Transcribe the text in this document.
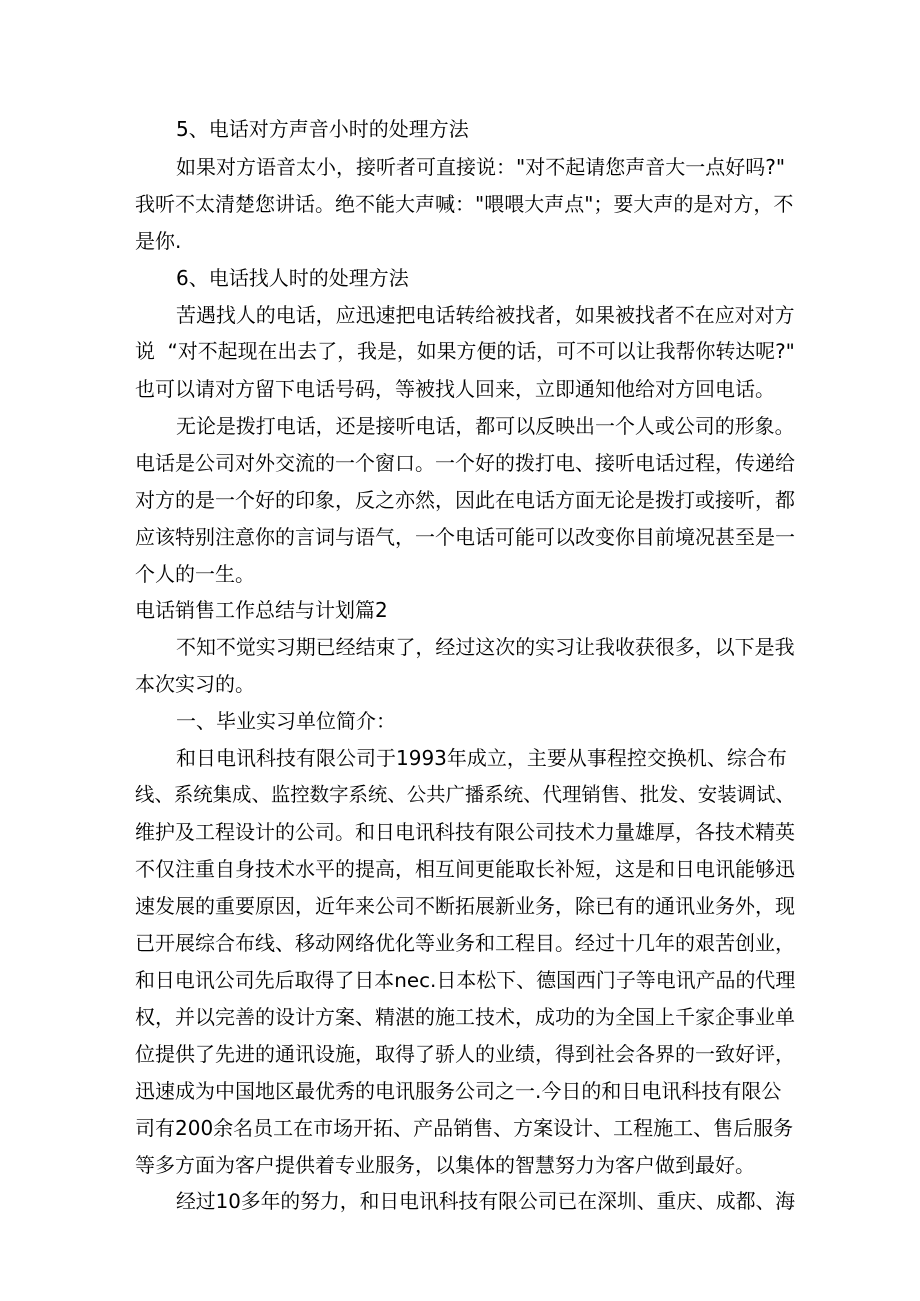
5、电话对方声音小时的处理方法

如果对方语音太小，接听者可直接说："对不起请您声音大一点好吗?"

我听不太清楚您讲话。绝不能大声喊："喂喂大声点"；要大声的是对方，不

是你.

6、电话找人时的处理方法

苦遇找人的电话，应迅速把电话转给被找者，如果被找者不在应对对方

说  “对不起现在出去了，我是，如果方便的话，可不可以让我帮你转达呢?"

也可以请对方留下电话号码，等被找人回来，立即通知他给对方回电话。

无论是拨打电话，还是接听电话，都可以反映出一个人或公司的形象。

电话是公司对外交流的一个窗口。一个好的拨打电、接听电话过程，传递给

对方的是一个好的印象，反之亦然，因此在电话方面无论是拨打或接听，都

应该特别注意你的言词与语气，一个电话可能可以改变你目前境况甚至是一

个人的一生。

电话销售工作总结与计划篇2

不知不觉实习期已经结束了，经过这次的实习让我收获很多，以下是我

本次实习的。

一、毕业实习单位简介：

和日电讯科技有限公司于1993年成立，主要从事程控交换机、综合布

线、系统集成、监控数字系统、公共广播系统、代理销售、批发、安装调试、

维护及工程设计的公司。和日电讯科技有限公司技术力量雄厚，各技术精英

不仅注重自身技术水平的提高，相互间更能取长补短，这是和日电讯能够迅

速发展的重要原因，近年来公司不断拓展新业务，除已有的通讯业务外，现

已开展综合布线、移动网络优化等业务和工程目。经过十几年的艰苦创业，

和日电讯公司先后取得了日本nec.日本松下、德国西门子等电讯产品的代理

权，并以完善的设计方案、精湛的施工技术，成功的为全国上千家企事业单

位提供了先进的通讯设施，取得了骄人的业绩，得到社会各界的一致好评，

迅速成为中国地区最优秀的电讯服务公司之一.今日的和日电讯科技有限公

司有200余名员工在市场开拓、产品销售、方案设计、工程施工、售后服务

等多方面为客户提供着专业服务，以集体的智慧努力为客户做到最好。

经过10多年的努力，和日电讯科技有限公司已在深圳、重庆、成都、海
